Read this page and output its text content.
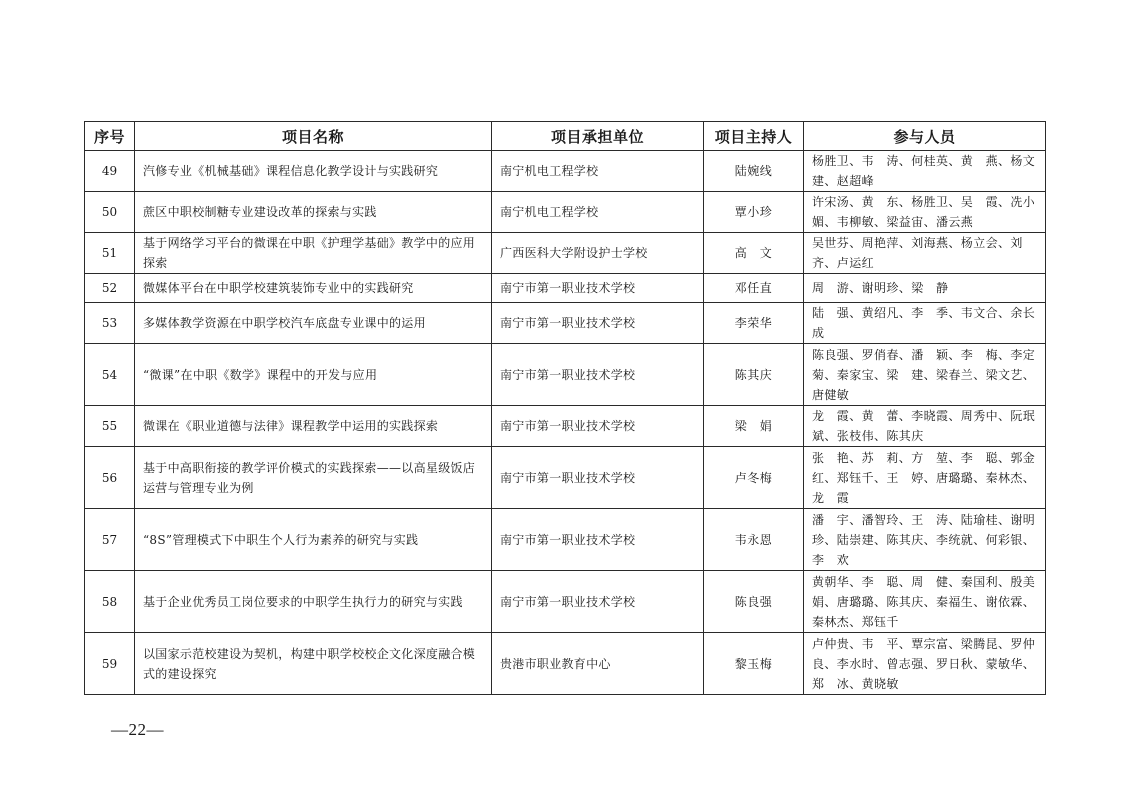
序号	项目名称	项目承担单位	项目主持人	参与人员
49	汽修专业《机械基础》课程信息化教学设计与实践研究	南宁机电工程学校	陆婉线	杨胜卫、韦　涛、何桂英、黄　燕、杨文建、赵超峰
50	蔗区中职校制糖专业建设改革的探索与实践	南宁机电工程学校	覃小珍	许宋汤、黄　东、杨胜卫、吴　霞、冼小媚、韦柳敏、梁益宙、潘云燕
51	基于网络学习平台的微课在中职《护理学基础》教学中的应用探索	广西医科大学附设护士学校	高　文	吴世芬、周艳萍、刘海燕、杨立会、刘　齐、卢运红
52	微媒体平台在中职学校建筑装饰专业中的实践研究	南宁市第一职业技术学校	邓任直	周　游、谢明珍、梁　静
53	多媒体教学资源在中职学校汽车底盘专业课中的运用	南宁市第一职业技术学校	李荣华	陆　强、黄绍凡、李　季、韦文合、余长成
54	“微课”在中职《数学》课程中的开发与应用	南宁市第一职业技术学校	陈其庆	陈良强、罗俏春、潘　颖、李　梅、李定菊、秦家宝、梁　建、梁春兰、梁文艺、唐健敏
55	微课在《职业道德与法律》课程教学中运用的实践探索	南宁市第一职业技术学校	梁　娟	龙　霞、黄　蕾、李晓霞、周秀中、阮珉斌、张枝伟、陈其庆
56	基于中高职衔接的教学评价模式的实践探索——以高星级饭店运营与管理专业为例	南宁市第一职业技术学校	卢冬梅	张　艳、苏　莉、方　堃、李　聪、郭金红、郑钰千、王　婷、唐璐璐、秦林杰、龙　霞
57	“8S”管理模式下中职生个人行为素养的研究与实践	南宁市第一职业技术学校	韦永恩	潘　宇、潘智玲、王　涛、陆瑜桂、谢明珍、陆崇建、陈其庆、李统就、何彩银、李　欢
58	基于企业优秀员工岗位要求的中职学生执行力的研究与实践	南宁市第一职业技术学校	陈良强	黄朝华、李　聪、周　健、秦国利、殷美娟、唐璐璐、陈其庆、秦福生、谢依霖、秦林杰、郑钰千
59	以国家示范校建设为契机，构建中职学校校企文化深度融合模式的建设探究	贵港市职业教育中心	黎玉梅	卢仲贵、韦　平、覃宗富、梁腾昆、罗仲良、李水时、曾志强、罗日秋、蒙敏华、郑　冰、黄晓敏
—22—
